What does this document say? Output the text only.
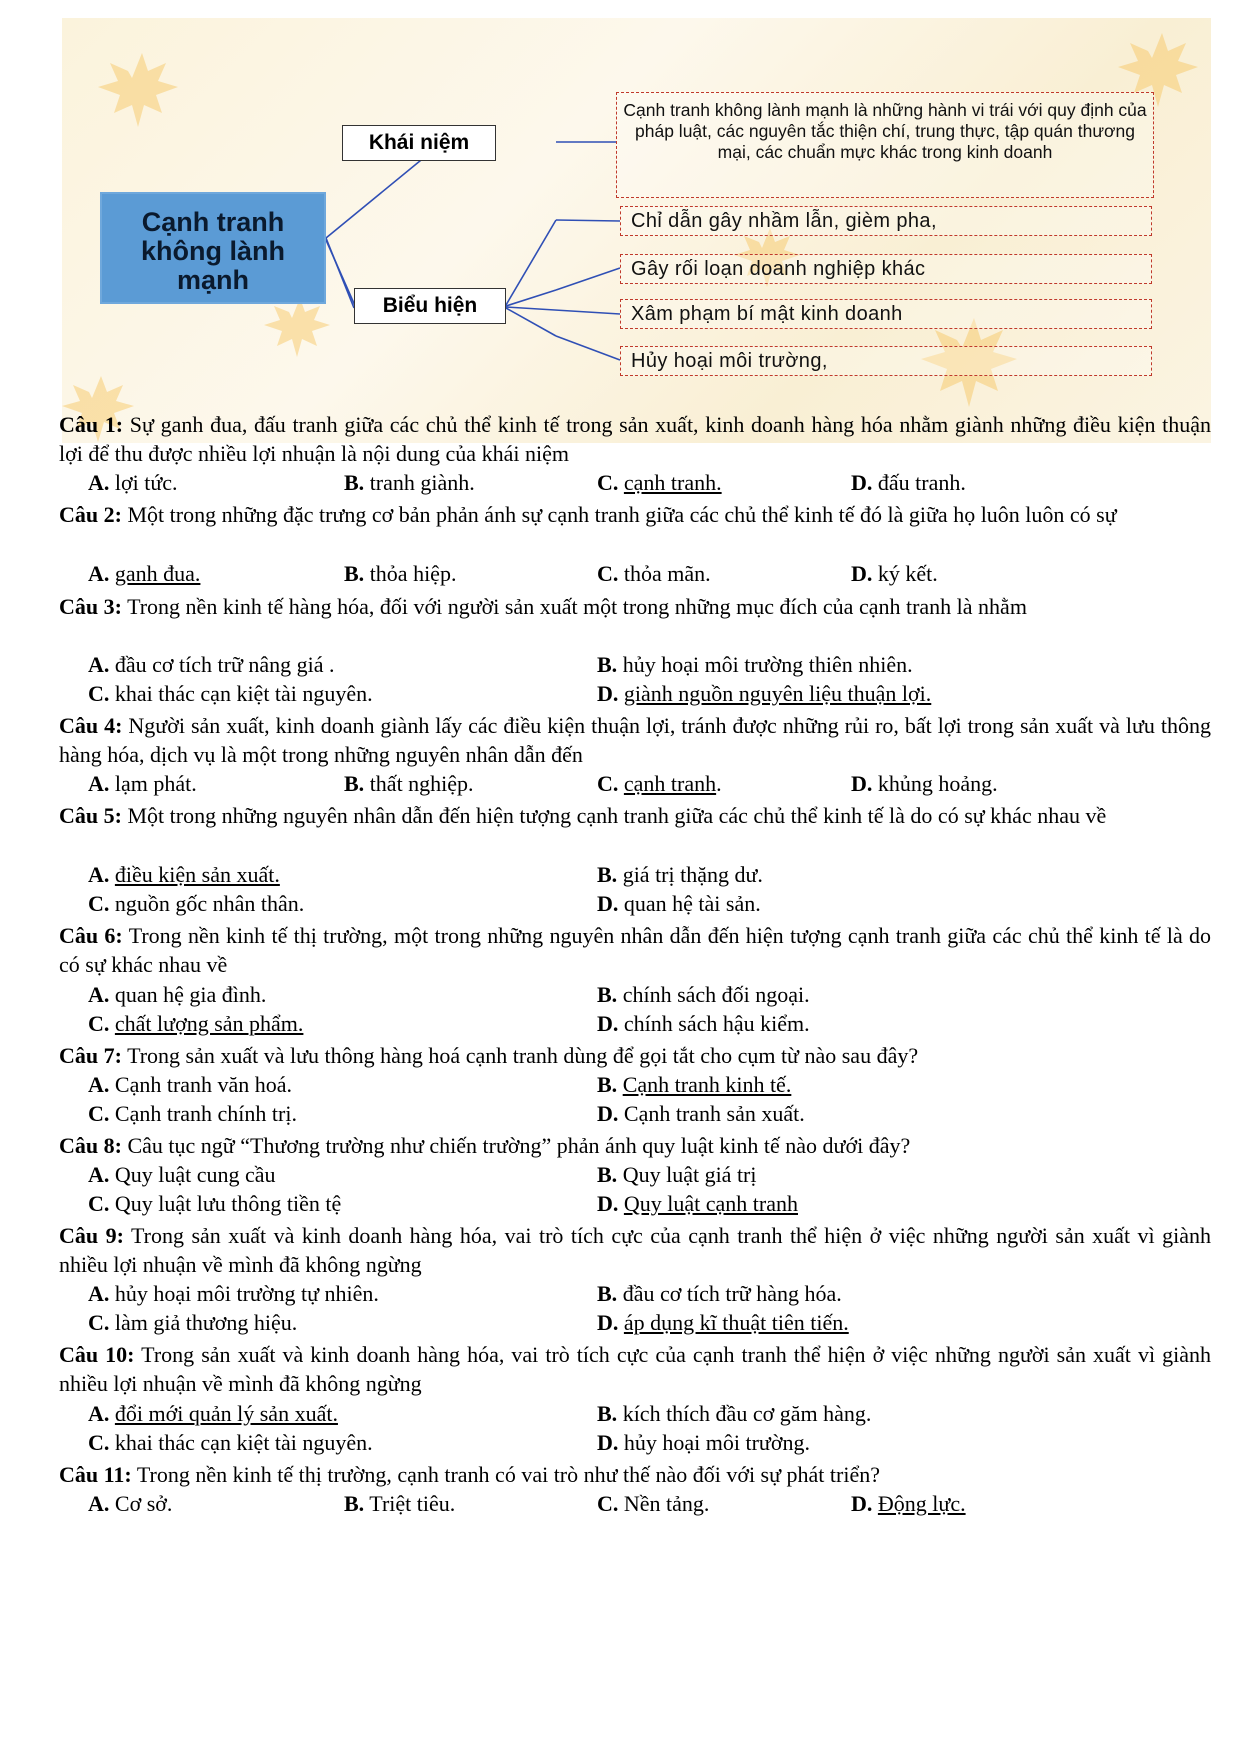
Cạnh tranh không lành mạnh
Khái niệm
Biểu hiện
Cạnh tranh không lành mạnh là những hành vi trái với quy định của pháp luật, các nguyên tắc thiện chí, trung thực, tập quán thương mại, các chuẩn mực khác trong kinh doanh
Chỉ dẫn gây nhầm lẫn, gièm pha,
Gây rối loạn doanh nghiệp khác
Xâm phạm bí mật kinh doanh
Hủy hoại môi trường,
Câu 1: Sự ganh đua, đấu tranh giữa các chủ thể kinh tế trong sản xuất, kinh doanh hàng hóa nhằm giành những điều kiện thuận lợi để thu được nhiều lợi nhuận là nội dung của khái niệm
A. lợi tức.	B. tranh giành.	C. cạnh tranh.	D. đấu tranh.
Câu 2: Một trong những đặc trưng cơ bản phản ánh sự cạnh tranh giữa các chủ thể kinh tế đó là giữa họ luôn luôn có sự
A. ganh đua.	B. thỏa hiệp.	C. thỏa mãn.	D. ký kết.
Câu 3: Trong nền kinh tế hàng hóa, đối với người sản xuất một trong những mục đích của cạnh tranh là nhằm
A. đầu cơ tích trữ nâng giá .	B. hủy hoại môi trường thiên nhiên.
C. khai thác cạn kiệt tài nguyên.	D. giành nguồn nguyên liệu thuận lợi.
Câu 4: Người sản xuất, kinh doanh giành lấy các điều kiện thuận lợi, tránh được những rủi ro, bất lợi trong sản xuất và lưu thông hàng hóa, dịch vụ là một trong những nguyên nhân dẫn đến
A. lạm phát.	B. thất nghiệp.	C. cạnh tranh.	D. khủng hoảng.
Câu 5: Một trong những nguyên nhân dẫn đến hiện tượng cạnh tranh giữa các chủ thể kinh tế là do có sự khác nhau về
A. điều kiện sản xuất.	B. giá trị thặng dư.
C. nguồn gốc nhân thân.	D. quan hệ tài sản.
Câu 6: Trong nền kinh tế thị trường, một trong những nguyên nhân dẫn đến hiện tượng cạnh tranh giữa các chủ thể kinh tế là do có sự khác nhau về
A. quan hệ gia đình.	B. chính sách đối ngoại.
C. chất lượng sản phẩm.	D. chính sách hậu kiểm.
Câu 7: Trong sản xuất và lưu thông hàng hoá cạnh tranh dùng để gọi tắt cho cụm từ nào sau đây?
A. Cạnh tranh văn hoá.	B. Cạnh tranh kinh tế.
C. Cạnh tranh chính trị.	D. Cạnh tranh sản xuất.
Câu 8: Câu tục ngữ “Thương trường như chiến trường” phản ánh quy luật kinh tế nào dưới đây?
A. Quy luật cung cầu	B. Quy luật giá trị
C. Quy luật lưu thông tiền tệ	D. Quy luật cạnh tranh
Câu 9: Trong sản xuất và kinh doanh hàng hóa, vai trò tích cực của cạnh tranh thể hiện ở việc những người sản xuất vì giành nhiều lợi nhuận về mình đã không ngừng
A. hủy hoại môi trường tự nhiên.	B. đầu cơ tích trữ hàng hóa.
C. làm giả thương hiệu.	D. áp dụng kĩ thuật tiên tiến.
Câu 10: Trong sản xuất và kinh doanh hàng hóa, vai trò tích cực của cạnh tranh thể hiện ở việc những người sản xuất vì giành nhiều lợi nhuận về mình đã không ngừng
A. đổi mới quản lý sản xuất.	B. kích thích đầu cơ găm hàng.
C. khai thác cạn kiệt tài nguyên.	D. hủy hoại môi trường.
Câu 11: Trong nền kinh tế thị trường, cạnh tranh có vai trò như thế nào đối với sự phát triển?
A. Cơ sở.	B. Triệt tiêu.	C. Nền tảng.	D. Động lực.
